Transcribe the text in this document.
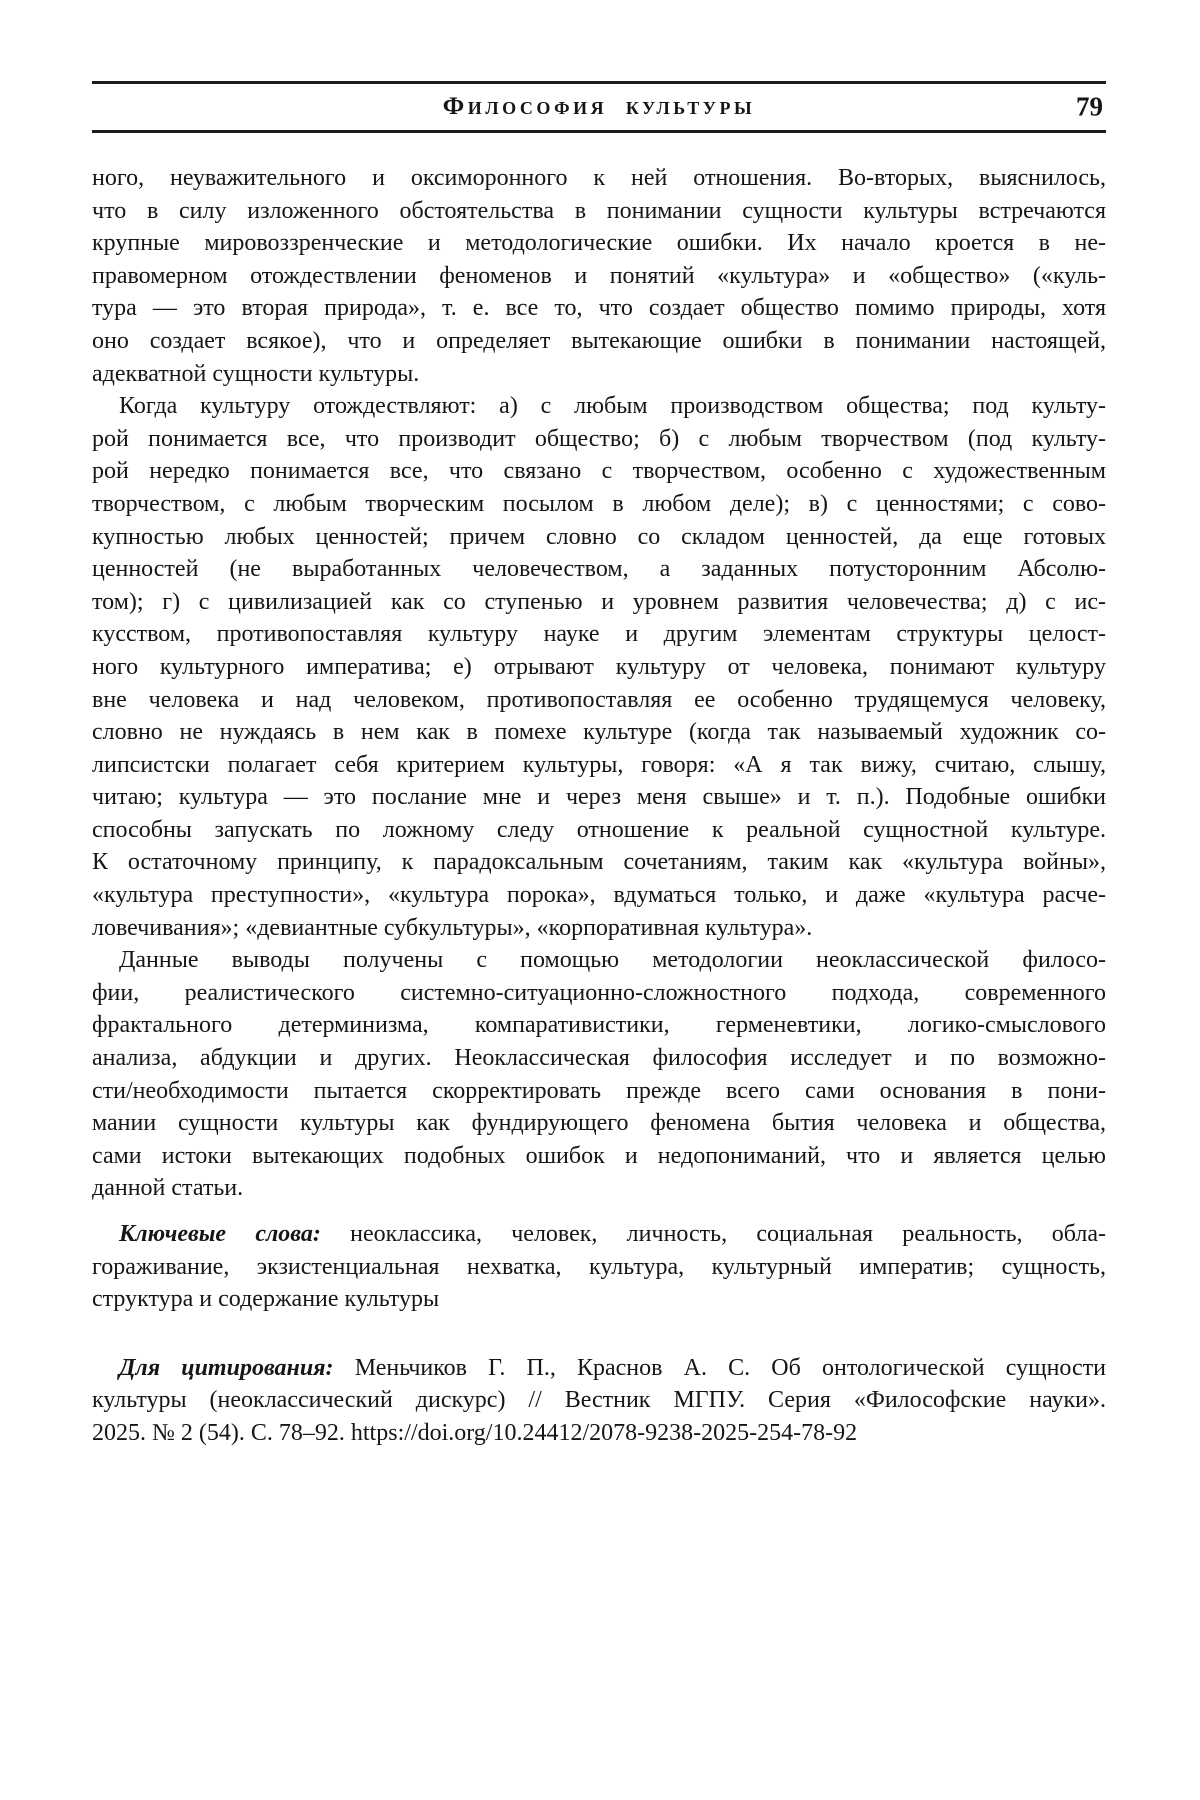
Философия культуры	79
ного, неуважительного и оксиморонного к ней отношения. Во-вторых, выяснилось,
что в силу изложенного обстоятельства в понимании сущности культуры встречаются
крупные мировоззренческие и методологические ошибки. Их начало кроется в не-
правомерном отождествлении феноменов и понятий «культура» и «общество» («куль-
тура — это вторая природа», т. е. все то, что создает общество помимо природы, хотя
оно создает всякое), что и определяет вытекающие ошибки в понимании настоящей,
адекватной сущности культуры.
Когда культуру отождествляют: а) с любым производством общества; под культу-
рой понимается все, что производит общество; б) с любым творчеством (под культу-
рой нередко понимается все, что связано с творчеством, особенно с художественным
творчеством, с любым творческим посылом в любом деле); в) с ценностями; с сово-
купностью любых ценностей; причем словно со складом ценностей, да еще готовых
ценностей (не выработанных человечеством, а заданных потусторонним Абсолю-
том); г) с цивилизацией как со ступенью и уровнем развития человечества; д) с ис-
кусством, противопоставляя культуру науке и другим элементам структуры целост-
ного культурного императива; е) отрывают культуру от человека, понимают культуру
вне человека и над человеком, противопоставляя ее особенно трудящемуся человеку,
словно не нуждаясь в нем как в помехе культуре (когда так называемый художник со-
липсистски полагает себя критерием культуры, говоря: «А я так вижу, считаю, слышу,
читаю; культура — это послание мне и через меня свыше» и т. п.). Подобные ошибки
способны запускать по ложному следу отношение к реальной сущностной культуре.
К остаточному принципу, к парадоксальным сочетаниям, таким как «культура войны»,
«культура преступности», «культура порока», вдуматься только, и даже «культура расче-
ловечивания»; «девиантные субкультуры», «корпоративная культура».
Данные выводы получены с помощью методологии неоклассической филосо-
фии, реалистического системно-ситуационно-сложностного подхода, современного
фрактального детерминизма, компаративистики, герменевтики, логико-смыслового
анализа, абдукции и других. Неоклассическая философия исследует и по возможно-
сти/необходимости пытается скорректировать прежде всего сами основания в пони-
мании сущности культуры как фундирующего феномена бытия человека и общества,
сами истоки вытекающих подобных ошибок и недопониманий, что и является целью
данной статьи.
Ключевые слова: неоклассика, человек, личность, социальная реальность, обла-
гораживание, экзистенциальная нехватка, культура, культурный императив; сущность,
структура и содержание культуры
Для цитирования: Меньчиков Г. П., Краснов А. С. Об онтологической сущности
культуры (неоклассический дискурс) // Вестник МГПУ. Серия «Философские науки».
2025. № 2 (54). С. 78–92. https://doi.org/10.24412/2078-9238-2025-254-78-92
